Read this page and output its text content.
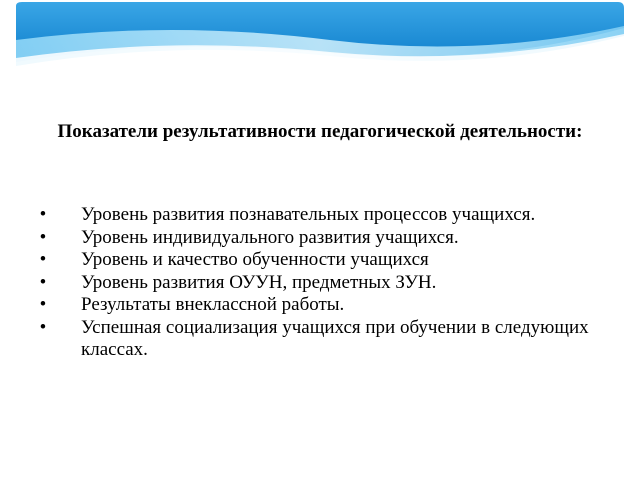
Показатели результативности педагогической деятельности:

• Уровень развития познавательных процессов учащихся.
• Уровень индивидуального развития учащихся.
• Уровень и качество обученности учащихся
• Уровень развития ОУУН, предметных ЗУН.
• Результаты внеклассной работы.
• Успешная социализация учащихся при обучении в следующих классах.
